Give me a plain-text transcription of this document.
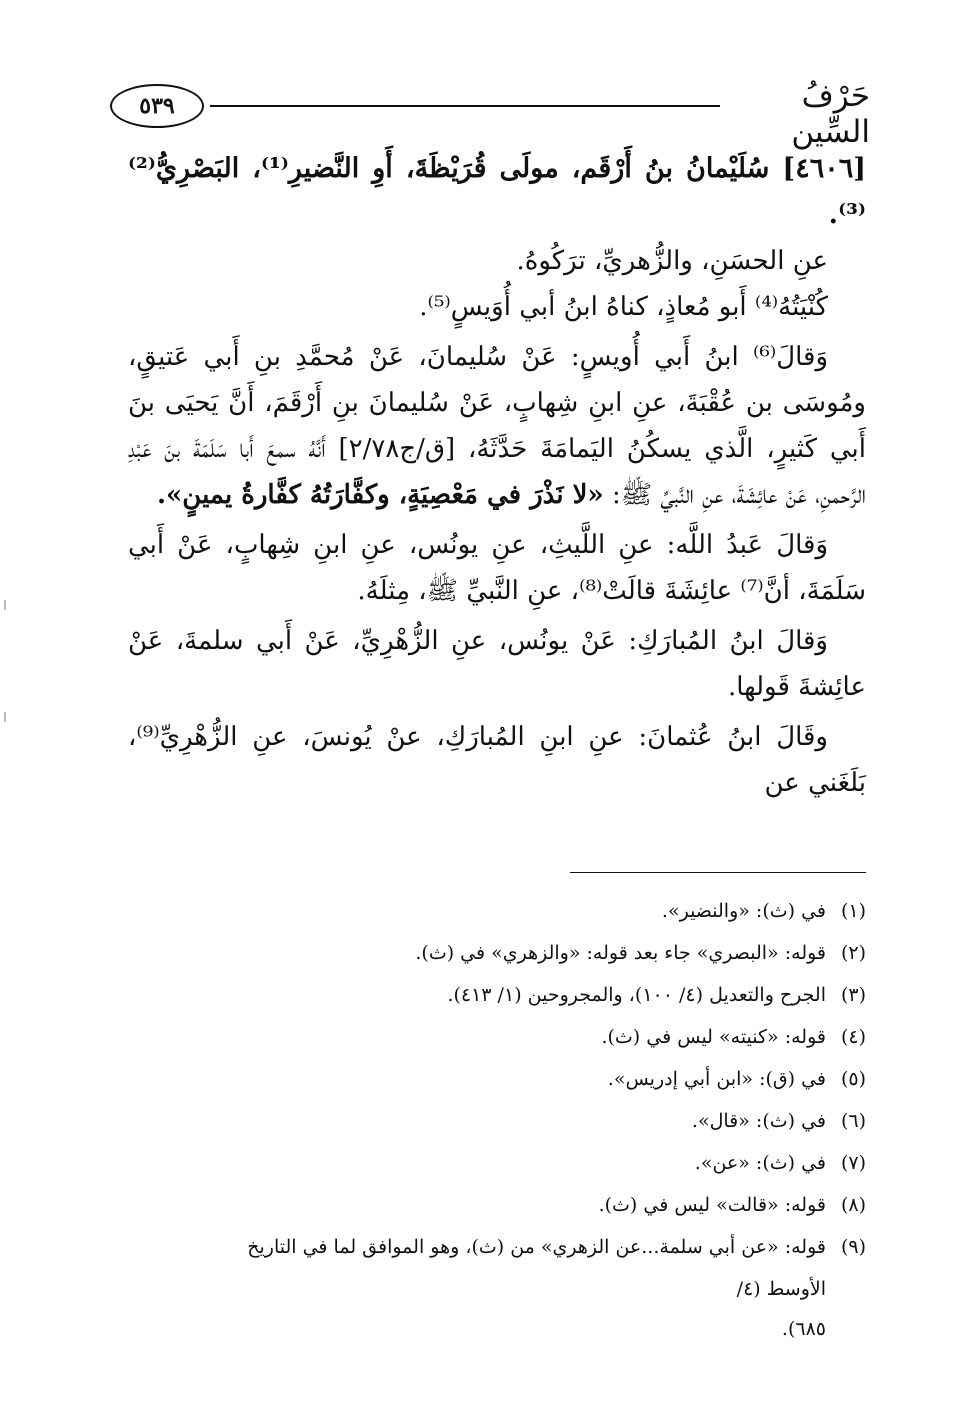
٥٣٩	حَرْفُ السِّين

[٤٦٠٦] سُلَيْمانُ بنُ أَرْقَم، مولَى قُرَيْظَةَ، أَوِ النَّضيرِ⁽¹⁾، البَصْرِيُّ⁽²⁾⁽³⁾.

عنِ الحسَنِ، والزُّهريِّ، ترَكُوهُ.

كُنْيَتُهُ⁽⁴⁾ أَبو مُعاذٍ، كناهُ ابنُ أبي أُوَيسٍ⁽⁵⁾.

وَقالَ⁽⁶⁾ ابنُ أَبي أُويسٍ: عَنْ سُليمانَ، عَنْ مُحمَّدِ بنِ أَبي عَتيقٍ، ومُوسَى بن عُقْبَةَ، عنِ ابنِ شِهابٍ، عَنْ سُليمانَ بنِ أَرْقَمَ، أَنَّ يَحيَى بنَ أَبي كَثيرٍ، الَّذي يسكُنُ اليَمامَةَ حَدَّثَهُ، [ق/ج٢/٧٨] أَنَّهُ سمعَ أَبا سَلَمَةَ بنَ عَبْدِ الرَّحمنِ، عَنْ عائِشَةَ، عنِ النَّبيِّ ﷺ: «لا نَذْرَ في مَعْصِيَةٍ، وكفَّارَتُهُ كفَّارةُ يمينٍ».

وَقالَ عَبدُ اللَّه: عنِ اللَّيثِ، عنِ يونُس، عنِ ابنِ شِهابٍ، عَنْ أَبي سَلَمَةَ، أنَّ⁽⁷⁾ عائِشَةَ قالَتْ⁽⁸⁾، عنِ النَّبيِّ ﷺ، مِثلَهُ.

وَقالَ ابنُ المُبارَكِ: عَنْ يونُس، عنِ الزُّهْرِيِّ، عَنْ أَبي سلمةَ، عَنْ عائِشةَ قَولها.

وقَالَ ابنُ عُثمانَ: عنِ ابنِ المُبارَكِ، عنْ يُونسَ، عنِ الزُّهْرِيِّ⁽⁹⁾، بَلَغَني عن

(١)
في (ث): «والنضير».
(٢)
قوله: «البصري» جاء بعد قوله: «والزهري» في (ث).
(٣)
الجرح والتعديل (٤/ ١٠٠)، والمجروحين (١/ ٤١٣).
(٤)
قوله: «كنيته» ليس في (ث).
(٥)
في (ق): «ابن أبي إدريس».
(٦)
في (ث): «قال».
(٧)
في (ث): «عن».
(٨)
قوله: «قالت» ليس في (ث).
(٩)
قوله: «عن أبي سلمة...عن الزهري» من (ث)، وهو الموافق لما في التاريخ الأوسط (٤/
٦٨٥).
